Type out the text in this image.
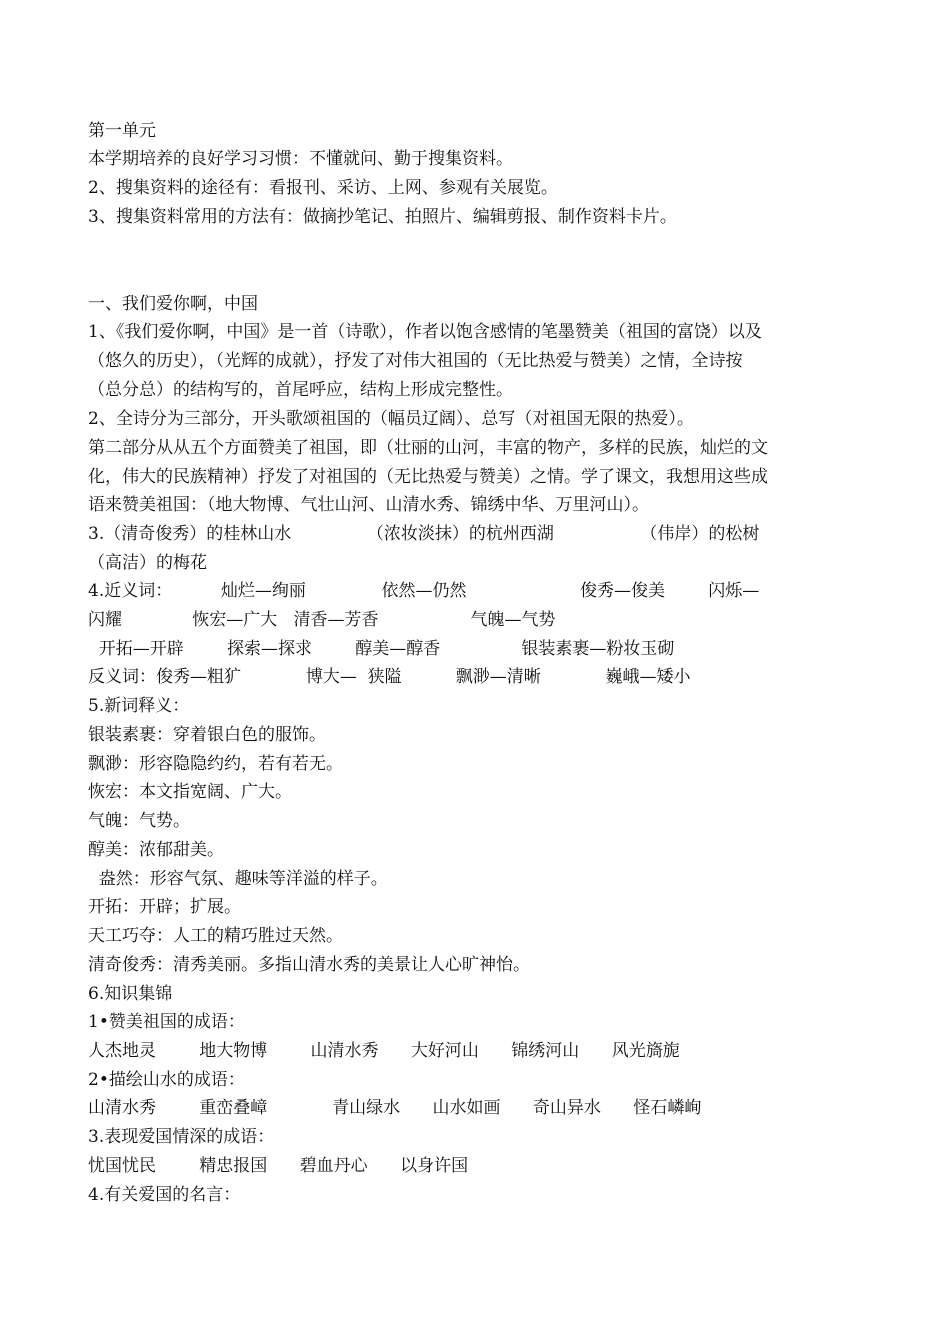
第一单元

本学期培养的良好学习习惯：不懂就问、勤于搜集资料。

2、搜集资料的途径有：看报刊、采访、上网、参观有关展览。

3、搜集资料常用的方法有：做摘抄笔记、拍照片、编辑剪报、制作资料卡片。

一、我们爱你啊，中国

1、《我们爱你啊，中国》是一首（诗歌），作者以饱含感情的笔墨赞美（祖国的富饶）以及

（悠久的历史），（光辉的成就），抒发了对伟大祖国的（无比热爱与赞美）之情，全诗按

（总分总）的结构写的，首尾呼应，结构上形成完整性。

2、全诗分为三部分，开头歌颂祖国的（幅员辽阔）、总写（对祖国无限的热爱）。

第二部分从从五个方面赞美了祖国，即（壮丽的山河，丰富的物产，多样的民族，灿烂的文

化，伟大的民族精神）抒发了对祖国的（无比热爱与赞美）之情。学了课文，我想用这些成

语来赞美祖国：（地大物博、气壮山河、山清水秀、锦绣中华、万里河山）。

3.（清奇俊秀）的桂林山水              （浓妆淡抹）的杭州西湖                （伟岸）的松树

（高洁）的梅花

4.近义词：         灿烂—绚丽              依然—仍然                     俊秀—俊美        闪烁—

闪耀             恢宏—广大   清香—芳香                 气魄—气势

开拓—开辟        探索—探求        醇美—醇香               银装素裹—粉妆玉砌

反义词：俊秀—粗犷            博大—  狭隘          飘渺—清晰            巍峨—矮小

5.新词释义：

银装素裹：穿着银白色的服饰。

飘渺：形容隐隐约约，若有若无。

恢宏：本文指宽阔、广大。

气魄：气势。

醇美：浓郁甜美。

盎然：形容气氛、趣味等洋溢的样子。

开拓：开辟；扩展。

天工巧夺：人工的精巧胜过天然。

清奇俊秀：清秀美丽。多指山清水秀的美景让人心旷神怡。

6.知识集锦

1•赞美祖国的成语：

人杰地灵        地大物博        山清水秀      大好河山      锦绣河山      风光旖旎

2•描绘山水的成语：

山清水秀        重峦叠嶂            青山绿水      山水如画      奇山异水      怪石嶙峋

3.表现爱国情深的成语：

忧国忧民        精忠报国      碧血丹心      以身许国

4.有关爱国的名言：
